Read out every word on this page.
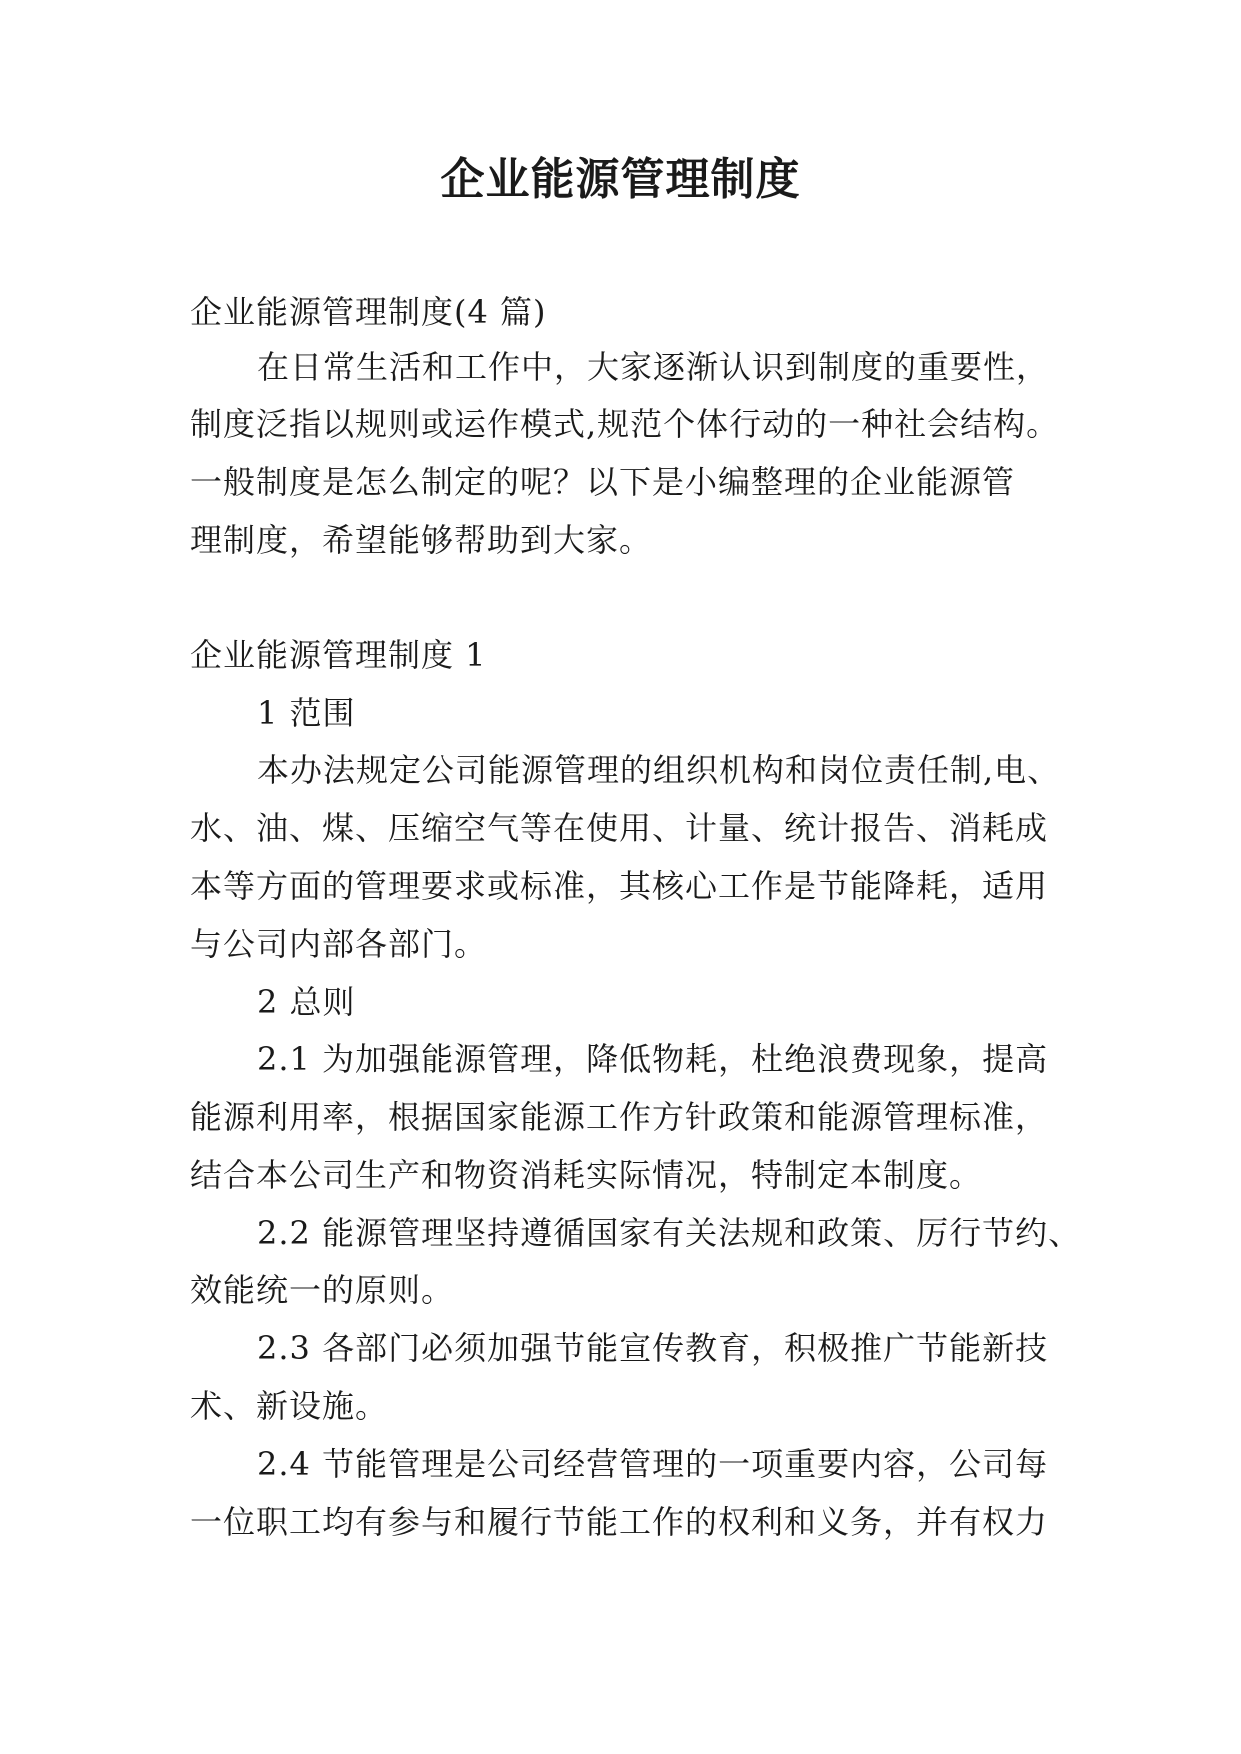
企业能源管理制度
企业能源管理制度(4 篇)
在日常生活和工作中，大家逐渐认识到制度的重要性，
制度泛指以规则或运作模式,规范个体行动的一种社会结构。
一般制度是怎么制定的呢？以下是小编整理的企业能源管
理制度，希望能够帮助到大家。
企业能源管理制度 1
1 范围
本办法规定公司能源管理的组织机构和岗位责任制,电、
水、油、煤、压缩空气等在使用、计量、统计报告、消耗成
本等方面的管理要求或标准，其核心工作是节能降耗，适用
与公司内部各部门。
2 总则
2.1 为加强能源管理，降低物耗，杜绝浪费现象，提高
能源利用率，根据国家能源工作方针政策和能源管理标准，
结合本公司生产和物资消耗实际情况，特制定本制度。
2.2 能源管理坚持遵循国家有关法规和政策、厉行节约、
效能统一的原则。
2.3 各部门必须加强节能宣传教育，积极推广节能新技
术、新设施。
2.4 节能管理是公司经营管理的一项重要内容，公司每
一位职工均有参与和履行节能工作的权利和义务，并有权力
